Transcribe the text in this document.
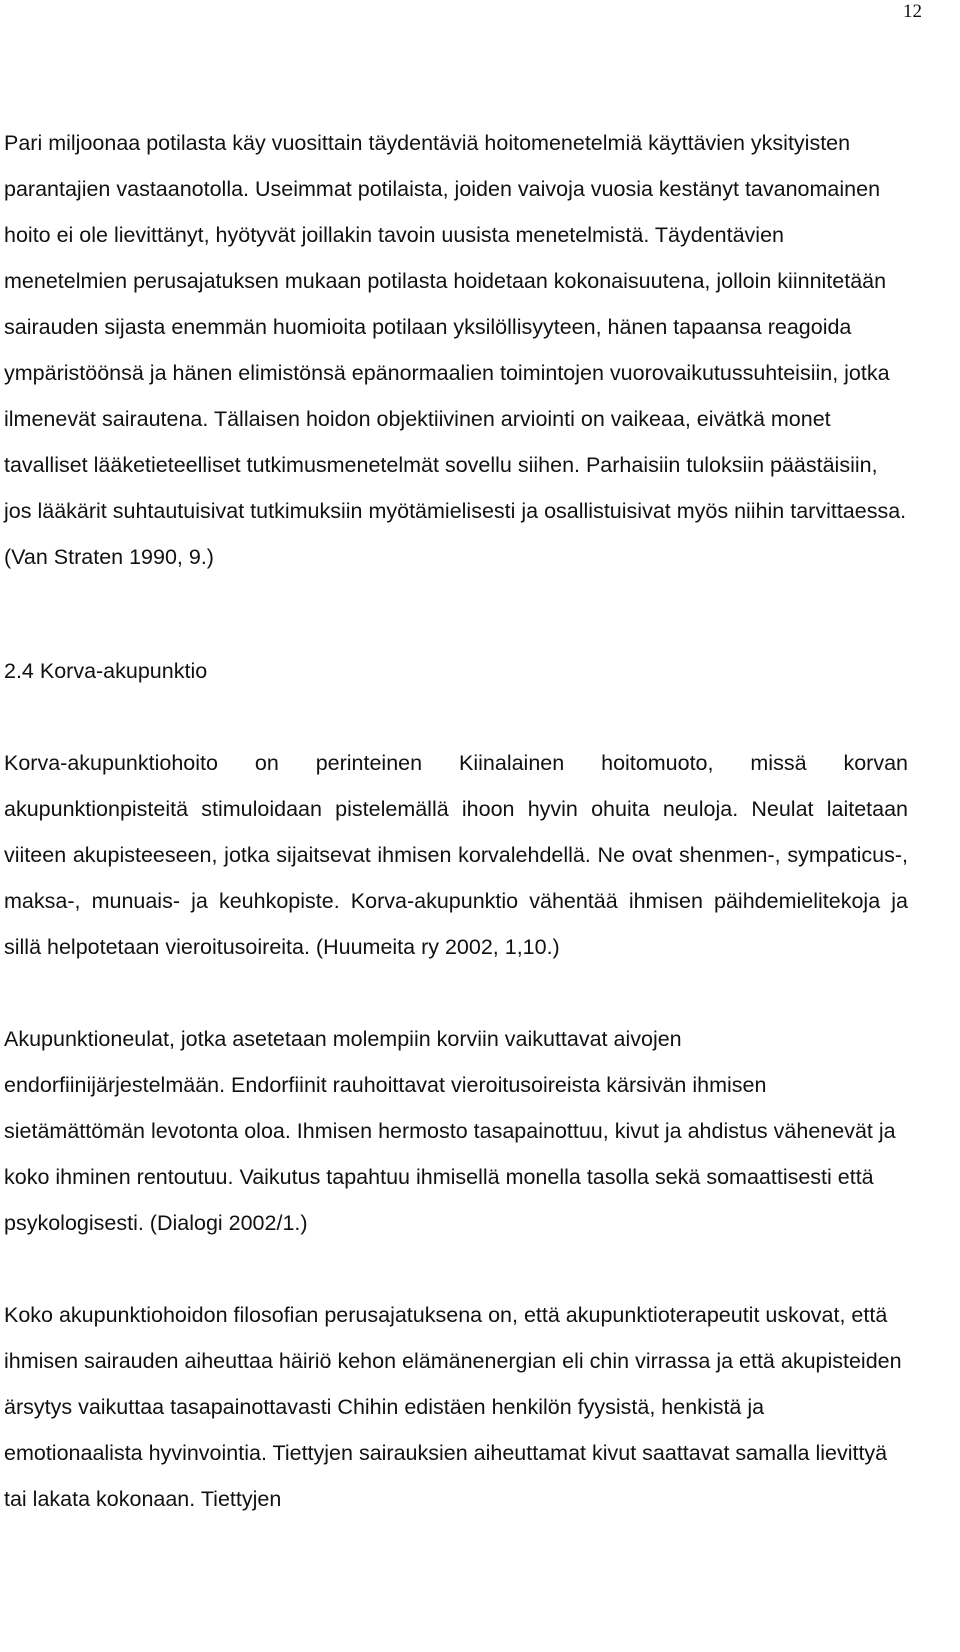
12

Pari miljoonaa potilasta käy vuosittain täydentäviä hoitomenetelmiä käyttävien yksityisten parantajien vastaanotolla. Useimmat potilaista, joiden vaivoja vuosia kestänyt tavanomainen hoito ei ole lievittänyt, hyötyvät joillakin tavoin uusista menetelmistä. Täydentävien menetelmien perusajatuksen mukaan potilasta hoidetaan kokonaisuutena, jolloin kiinnitetään sairauden sijasta enemmän huomioita potilaan yksilöllisyyteen, hänen tapaansa reagoida ympäristöönsä ja hänen elimistönsä epänormaalien toimintojen vuorovaikutussuhteisiin, jotka ilmenevät sairautena. Tällaisen hoidon objektiivinen arviointi on vaikeaa, eivätkä monet tavalliset lääketieteelliset tutkimusmenetelmät sovellu siihen. Parhaisiin tuloksiin päästäisiin, jos lääkärit suhtautuisivat tutkimuksiin myötämielisesti ja osallistuisivat myös niihin tarvittaessa. (Van Straten 1990, 9.)

2.4 Korva-akupunktio

Korva-akupunktiohoito on perinteinen Kiinalainen hoitomuoto, missä korvan akupunktionpisteitä stimuloidaan pistelemällä ihoon hyvin ohuita neuloja. Neulat laitetaan viiteen akupisteeseen, jotka sijaitsevat ihmisen korvalehdellä. Ne ovat shenmen-, sympaticus-, maksa-, munuais- ja keuhkopiste. Korva-akupunktio vähentää ihmisen päihdemielitekoja ja sillä helpotetaan vieroitusoireita. (Huumeita ry 2002, 1,10.)

Akupunktioneulat, jotka asetetaan molempiin korviin vaikuttavat aivojen endorfiinijärjestelmään. Endorfiinit rauhoittavat vieroitusoireista kärsivän ihmisen sietämättömän levotonta oloa. Ihmisen hermosto tasapainottuu, kivut ja ahdistus vähenevät ja koko ihminen rentoutuu. Vaikutus tapahtuu ihmisellä monella tasolla sekä somaattisesti että psykologisesti. (Dialogi 2002/1.)

Koko akupunktiohoidon filosofian perusajatuksena on, että akupunktioterapeutit uskovat, että ihmisen sairauden aiheuttaa häiriö kehon elämänenergian eli chin virrassa ja että akupisteiden ärsytys vaikuttaa tasapainottavasti Chihin edistäen henkilön fyysistä, henkistä ja emotionaalista hyvinvointia. Tiettyjen sairauksien aiheuttamat kivut saattavat samalla lievittyä tai lakata kokonaan. Tiettyjen
